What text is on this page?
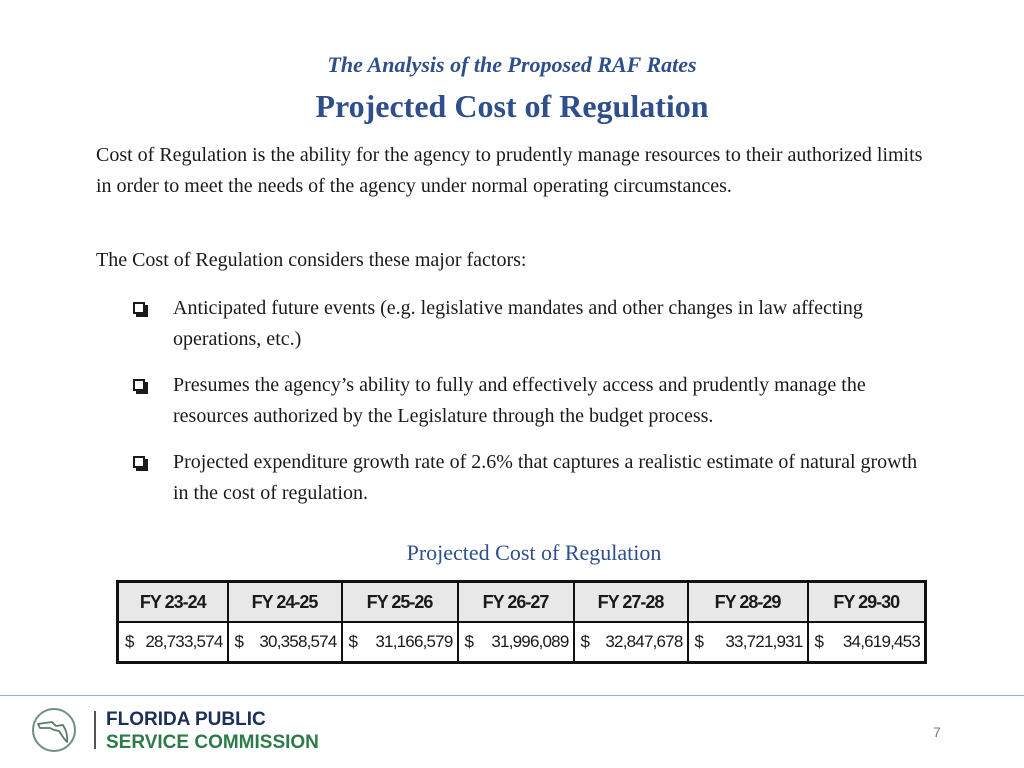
The Analysis of the Proposed RAF Rates
Projected Cost of Regulation

Cost of Regulation is the ability for the agency to prudently manage resources to their authorized limits in order to meet the needs of the agency under normal operating circumstances.

The Cost of Regulation considers these major factors:

Anticipated future events (e.g. legislative mandates and other changes in law affecting operations, etc.)
Presumes the agency’s ability to fully and effectively access and prudently manage the resources authorized by the Legislature through the budget process.
Projected expenditure growth rate of 2.6% that captures a realistic estimate of natural growth in the cost of regulation.
Projected Cost of Regulation
FY 23-24	FY 24-25	FY 25-26	FY 26-27	FY 27-28	FY 28-29	FY 29-30

$ 28,733,574	$ 30,358,574	$ 31,166,579	$ 31,996,089	$ 32,847,678	$ 33,721,931	$ 34,619,453
FLORIDA PUBLIC
SERVICE COMMISSION	7
